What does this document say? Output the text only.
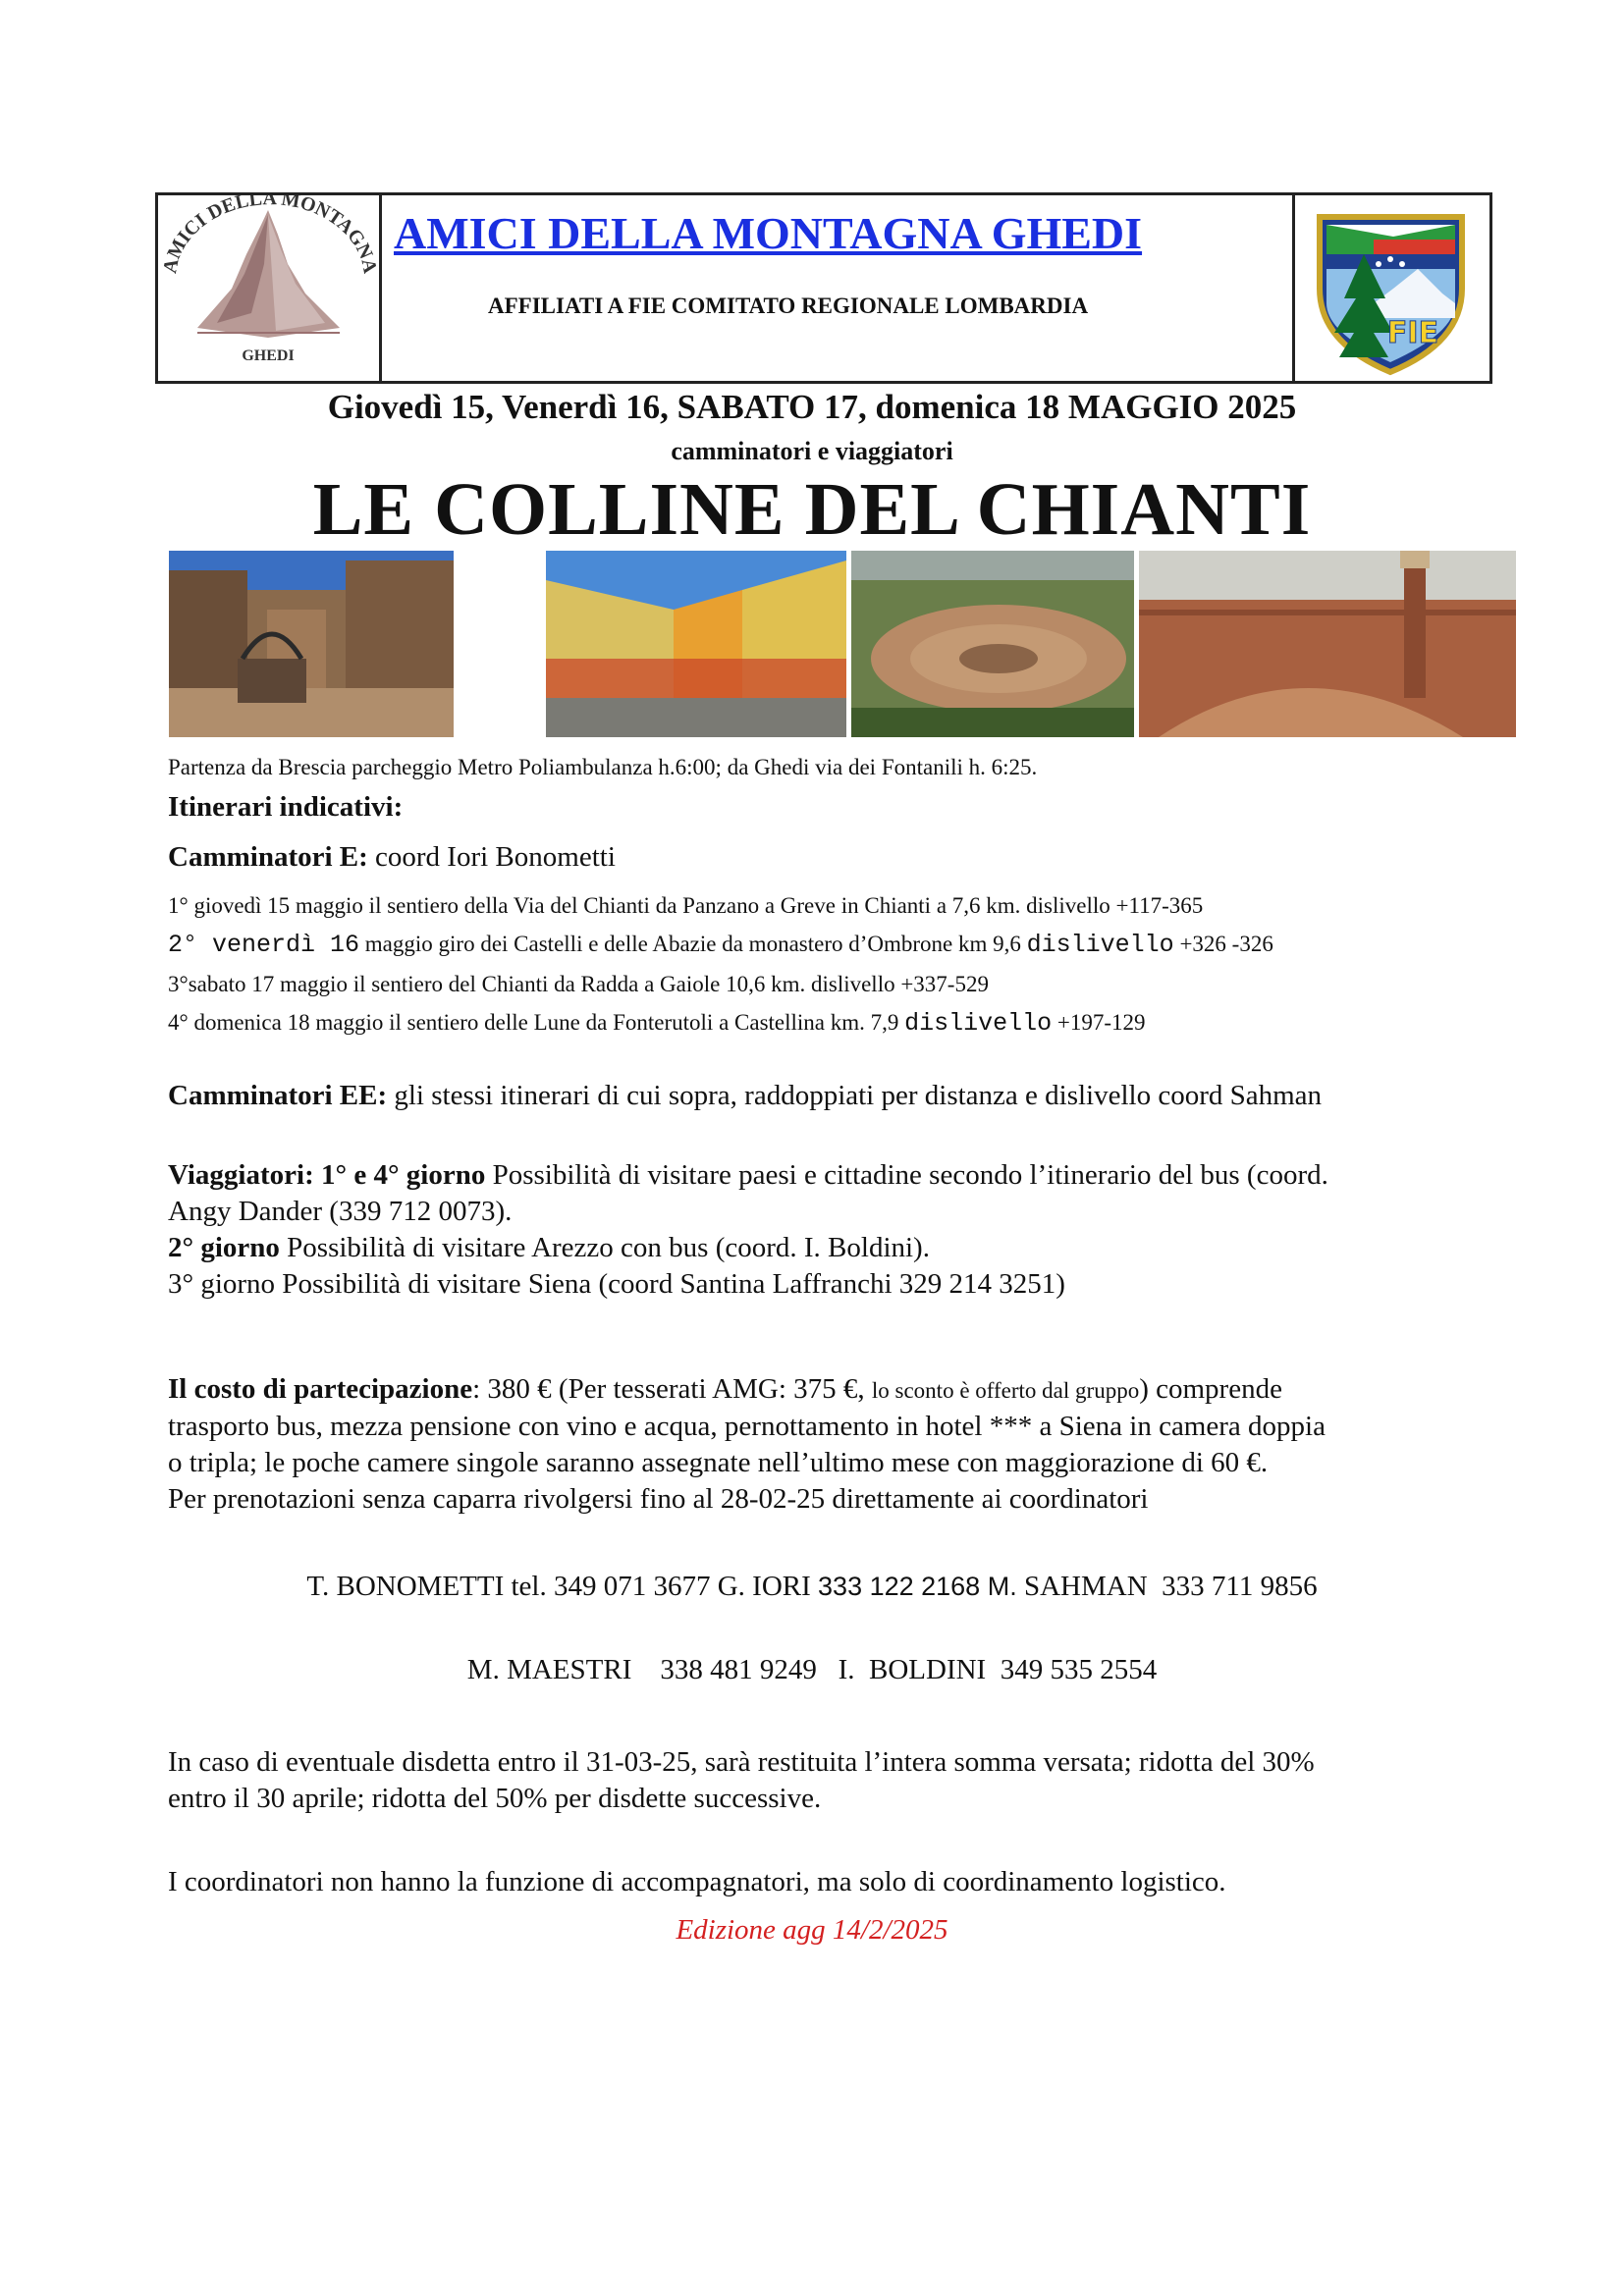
AMICI DELLA MONTAGNA
GHEDI
AMICI DELLA MONTAGNA GHEDI
AFFILIATI A FIE COMITATO REGIONALE LOMBARDIA
FIE
Giovedì 15, Venerdì 16, SABATO 17, domenica 18 MAGGIO 2025
camminatori e viaggiatori
LE COLLINE DEL CHIANTI
Partenza da Brescia parcheggio Metro Poliambulanza h.6:00; da Ghedi via dei Fontanili h. 6:25.
Itinerari indicativi:
Camminatori E: coord Iori Bonometti
1° giovedì 15 maggio il sentiero della Via del Chianti da Panzano a Greve in Chianti a 7,6 km. dislivello +117-365
2° venerdì 16 maggio giro dei Castelli e delle Abazie da monastero d’Ombrone km 9,6 dislivello +326 -326
3°sabato 17 maggio il sentiero del Chianti da Radda a Gaiole 10,6 km. dislivello +337-529
4° domenica 18 maggio il sentiero delle Lune da Fonterutoli a Castellina km. 7,9 dislivello +197-129
Camminatori EE: gli stessi itinerari di cui sopra, raddoppiati per distanza e dislivello coord Sahman
Viaggiatori: 1° e 4° giorno Possibilità di visitare paesi e cittadine secondo l’itinerario del bus (coord.
Angy Dander (339 712 0073).
2° giorno Possibilità di visitare Arezzo con bus (coord. I. Boldini).
3° giorno Possibilità di visitare Siena (coord Santina Laffranchi 329 214 3251)
Il costo di partecipazione: 380 € (Per tesserati AMG: 375 €, lo sconto è offerto dal gruppo) comprende
trasporto bus, mezza pensione con vino e acqua, pernottamento in hotel *** a Siena in camera doppia
o tripla; le poche camere singole saranno assegnate nell’ultimo mese con maggiorazione di 60 €.
Per prenotazioni senza caparra rivolgersi fino al 28-02-25 direttamente ai coordinatori
T. BONOMETTI tel. 349 071 3677 G. IORI 333 122 2168 M. SAHMAN  333 711 9856
M. MAESTRI    338 481 9249   I.  BOLDINI  349 535 2554
In caso di eventuale disdetta entro il 31-03-25, sarà restituita l’intera somma versata; ridotta del 30%
entro il 30 aprile; ridotta del 50% per disdette successive.
I coordinatori non hanno la funzione di accompagnatori, ma solo di coordinamento logistico.
Edizione agg 14/2/2025
